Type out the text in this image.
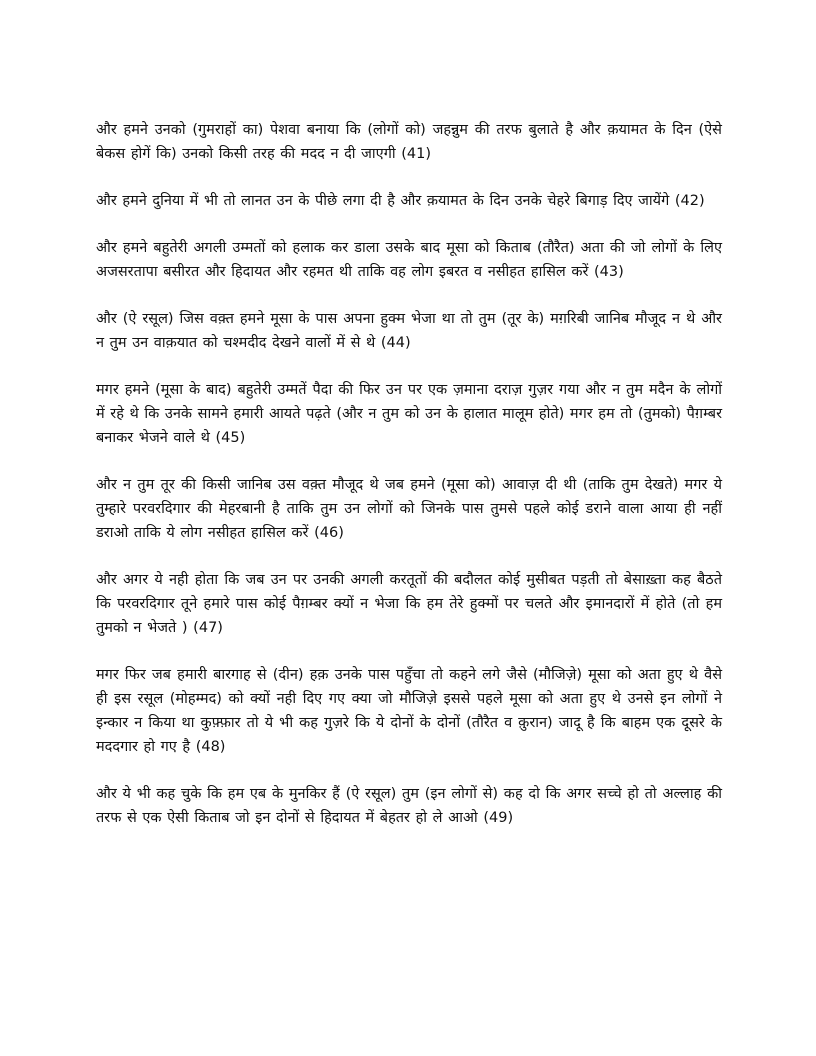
और हमने उनको (गुमराहों का) पेशवा बनाया कि (लोगों को) जहन्नुम की तरफ बुलाते है और क़यामत के दिन (ऐसे बेकस होगें कि) उनको किसी तरह की मदद न दी जाएगी (41)

और हमने दुनिया में भी तो लानत उन के पीछे लगा दी है और क़यामत के दिन उनके चेहरे बिगाड़ दिए जायेंगे (42)

और हमने बहुतेरी अगली उम्मतों को हलाक कर डाला उसके बाद मूसा को किताब (तौरैत) अता की जो लोगों के लिए अजसरतापा बसीरत और हिदायत और रहमत थी ताकि वह लोग इबरत व नसीहत हासिल करें (43)

और (ऐ रसूल) जिस वक़्त हमने मूसा के पास अपना हुक्म भेजा था तो तुम (तूर के) मग़रिबी जानिब मौजूद न थे और न तुम उन वाक़यात को चश्मदीद देखने वालों में से थे (44)

मगर हमने (मूसा के बाद) बहुतेरी उम्मतें पैदा की फिर उन पर एक ज़माना दराज़ गुज़र गया और न तुम मदैन के लोगों में रहे थे कि उनके सामने हमारी आयते पढ़ते (और न तुम को उन के हालात मालूम होते) मगर हम तो (तुमको) पैग़म्बर बनाकर भेजने वाले थे (45)

और न तुम तूर की किसी जानिब उस वक़्त मौजूद थे जब हमने (मूसा को) आवाज़ दी थी (ताकि तुम देखते) मगर ये तुम्हारे परवरदिगार की मेहरबानी है ताकि तुम उन लोगों को जिनके पास तुमसे पहले कोई डराने वाला आया ही नहीं डराओ ताकि ये लोग नसीहत हासिल करें (46)

और अगर ये नही होता कि जब उन पर उनकी अगली करतूतों की बदौलत कोई मुसीबत पड़ती तो बेसाख़्ता कह बैठते कि परवरदिगार तूने हमारे पास कोई पैग़म्बर क्यों न भेजा कि हम तेरे हुक्मों पर चलते और इमानदारों में होते (तो हम तुमको न भेजते ) (47)

मगर फिर जब हमारी बारगाह से (दीन) हक़ उनके पास पहुँचा तो कहने लगे जैसे (मौजिज़े) मूसा को अता हुए थे वैसे ही इस रसूल (मोहम्मद) को क्यों नही दिए गए क्या जो मौजिज़े इससे पहले मूसा को अता हुए थे उनसे इन लोगों ने इन्कार न किया था कुफ़्फ़ार तो ये भी कह गुज़रे कि ये दोनों के दोनों (तौरैत व क़ुरान) जादू है कि बाहम एक दूसरे के मददगार हो गए है (48)

और ये भी कह चुके कि हम एब के मुनकिर हैं (ऐ रसूल) तुम (इन लोगों से) कह दो कि अगर सच्चे हो तो अल्लाह की तरफ से एक ऐसी किताब जो इन दोनों से हिदायत में बेहतर हो ले आओ (49)
